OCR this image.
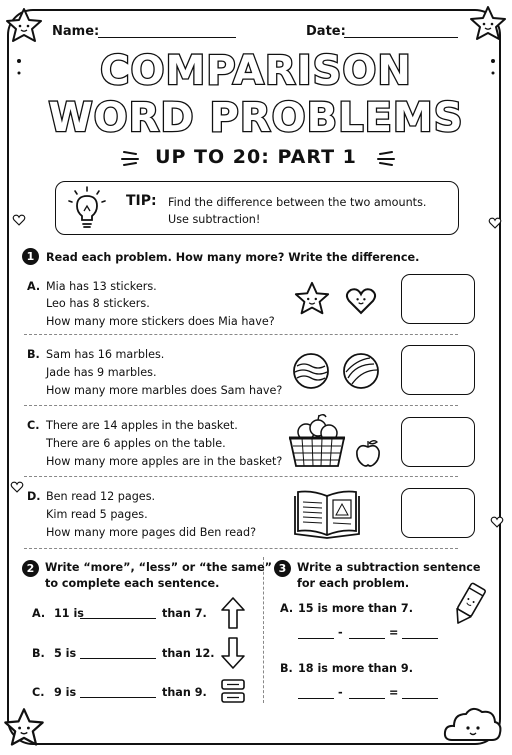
Name:	Date:
COMPARISON
WORD PROBLEMS
UP TO 20: PART 1
TIP: Find the difference between the two amounts.
Use subtraction!
1	Read each problem. How many more? Write the difference.
A. Mia has 13 stickers.
Leo has 8 stickers.
How many more stickers does Mia have?
B. Sam has 16 marbles.
Jade has 9 marbles.
How many more marbles does Sam have?
C. There are 14 apples in the basket.
There are 6 apples on the table.
How many more apples are in the basket?
D. Ben read 12 pages.
Kim read 5 pages.
How many more pages did Ben read?
2 Write “more”, “less” or “the same”
to complete each sentence.
A. 11 is	than 7.
B. 5 is	than 12.
C. 9 is	than 9.
3 Write a subtraction sentence
for each problem.
A. 15 is more than 7.
-	=
B. 18 is more than 9.
-	=
